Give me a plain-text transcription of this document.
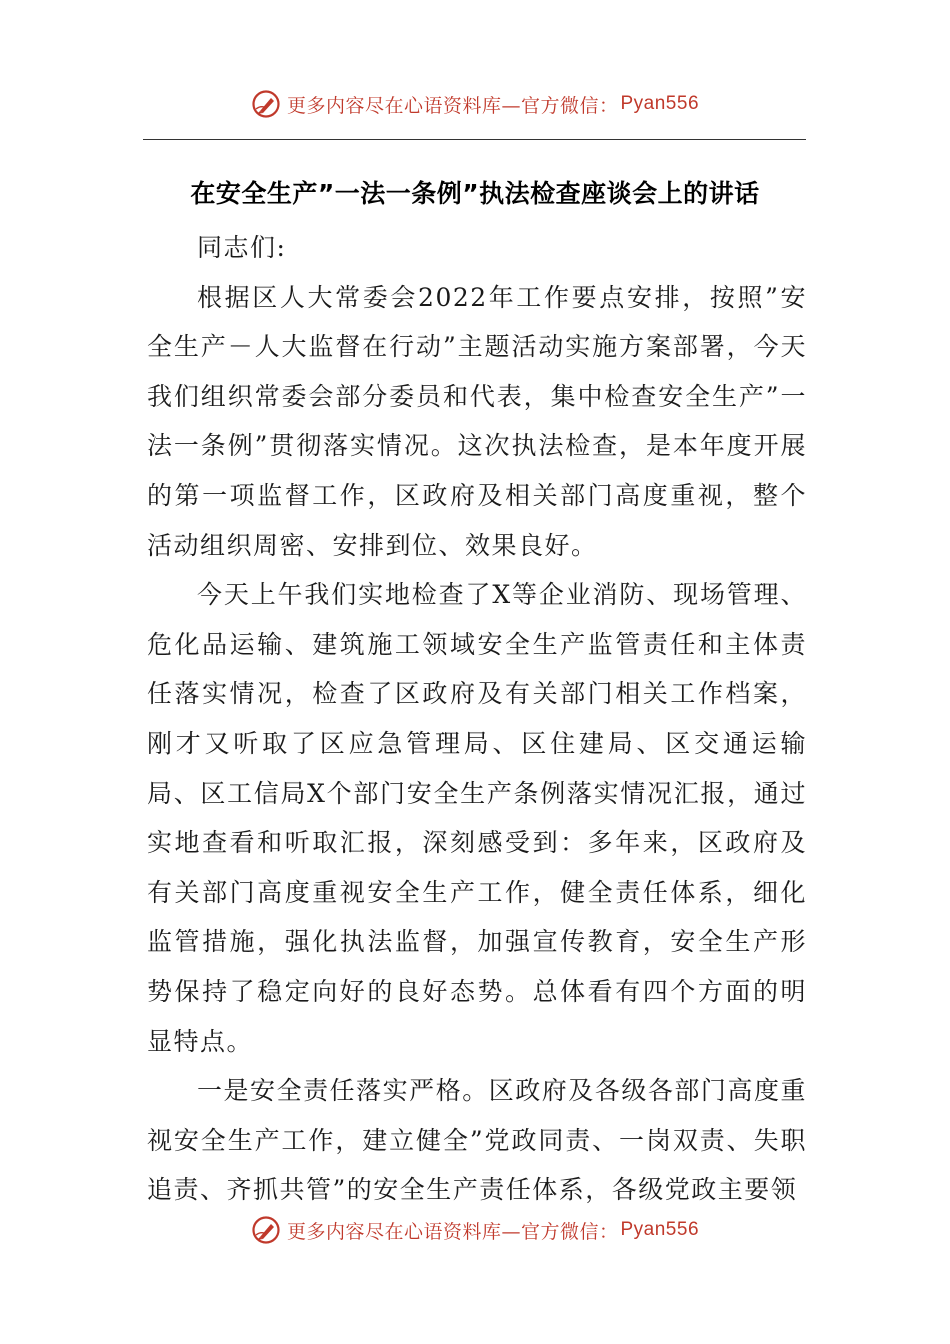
更多内容尽在心语资料库—官方微信： Pyan556
在安全生产”一法一条例”执法检查座谈会上的讲话

同志们:

根据区人大常委会2022年工作要点安排，按照”安全生产－人大监督在行动”主题活动实施方案部署，今天我们组织常委会部分委员和代表，集中检查安全生产”一法一条例”贯彻落实情况。这次执法检查，是本年度开展的第一项监督工作，区政府及相关部门高度重视，整个活动组织周密、安排到位、效果良好。

今天上午我们实地检查了X等企业消防、现场管理、危化品运输、建筑施工领域安全生产监管责任和主体责任落实情况，检查了区政府及有关部门相关工作档案，刚才又听取了区应急管理局、区住建局、区交通运输局、区工信局X个部门安全生产条例落实情况汇报，通过实地查看和听取汇报，深刻感受到：多年来，区政府及有关部门高度重视安全生产工作，健全责任体系，细化监管措施，强化执法监督，加强宣传教育，安全生产形势保持了稳定向好的良好态势。总体看有四个方面的明显特点。

一是安全责任落实严格。区政府及各级各部门高度重视安全生产工作，建立健全”党政同责、一岗双责、失职追责、齐抓共管”的安全生产责任体系，各级党政主要领

更多内容尽在心语资料库—官方微信： Pyan556
